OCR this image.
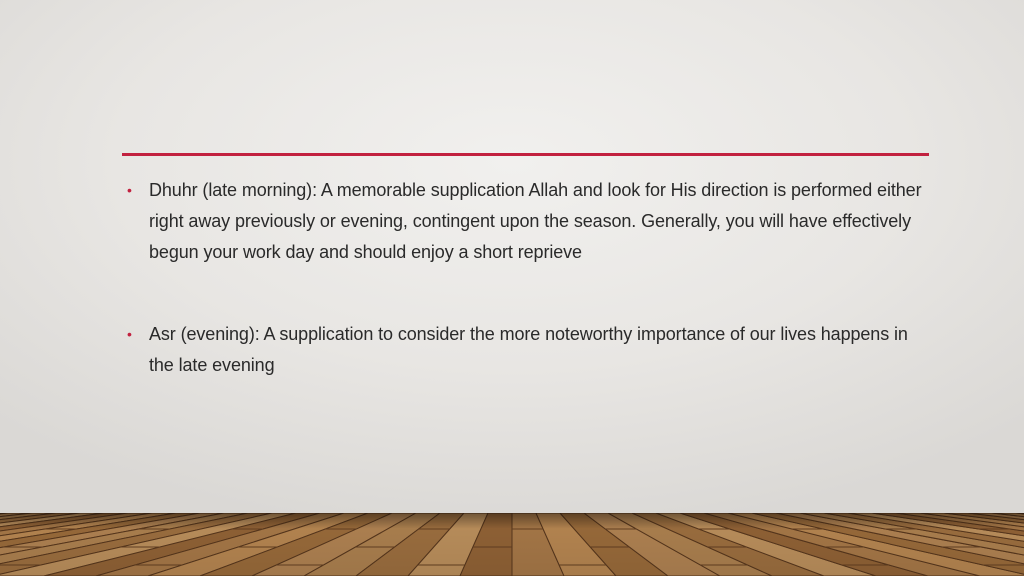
• Dhuhr (late morning): A memorable supplication Allah and look for His direction is performed either right away previously or evening, contingent upon the season. Generally, you will have effectively begun your work day and should enjoy a short reprieve
• Asr (evening): A supplication to consider the more noteworthy importance of our lives happens in the late evening
